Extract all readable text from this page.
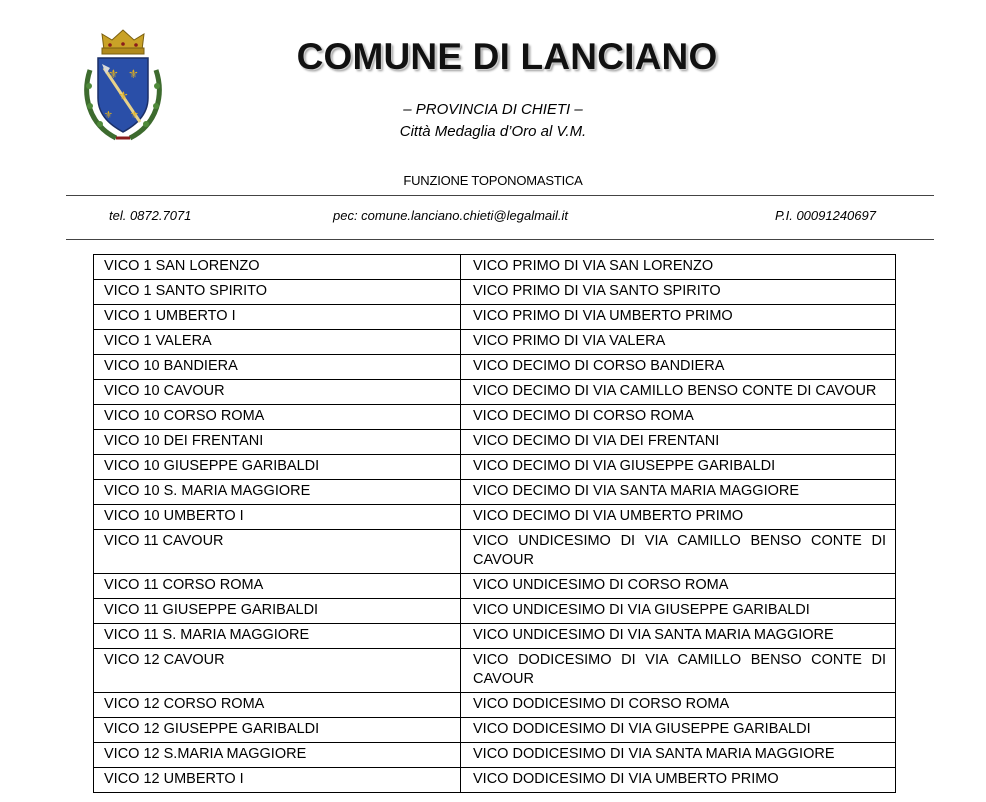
⚜ ⚜
⚜
⚜ ⚜
COMUNE DI LANCIANO
– PROVINCIA DI CHIETI –
Città Medaglia d’Oro al V.M.
FUNZIONE TOPONOMASTICA
tel. 0872.7071	pec: comune.lanciano.chieti@legalmail.it	P.I. 00091240697
VICO 1 SAN LORENZO	VICO PRIMO DI VIA SAN LORENZO
VICO 1 SANTO SPIRITO	VICO PRIMO DI VIA SANTO SPIRITO
VICO 1 UMBERTO I	VICO PRIMO DI VIA UMBERTO PRIMO
VICO 1 VALERA	VICO PRIMO DI VIA VALERA
VICO 10 BANDIERA	VICO DECIMO DI CORSO BANDIERA
VICO 10 CAVOUR	VICO DECIMO DI VIA CAMILLO BENSO CONTE DI CAVOUR
VICO 10 CORSO ROMA	VICO DECIMO DI CORSO ROMA
VICO 10 DEI FRENTANI	VICO DECIMO DI VIA DEI FRENTANI
VICO 10 GIUSEPPE GARIBALDI	VICO DECIMO DI VIA GIUSEPPE GARIBALDI
VICO 10 S. MARIA MAGGIORE	VICO DECIMO DI VIA SANTA MARIA MAGGIORE
VICO 10 UMBERTO I	VICO DECIMO DI VIA UMBERTO PRIMO
VICO 11 CAVOUR	VICO UNDICESIMO DI VIA CAMILLO BENSO CONTE DI CAVOUR
VICO 11 CORSO ROMA	VICO UNDICESIMO DI CORSO ROMA
VICO 11 GIUSEPPE GARIBALDI	VICO UNDICESIMO DI VIA GIUSEPPE GARIBALDI
VICO 11 S. MARIA MAGGIORE	VICO UNDICESIMO DI VIA SANTA MARIA MAGGIORE
VICO 12 CAVOUR	VICO DODICESIMO DI VIA CAMILLO BENSO CONTE DI CAVOUR
VICO 12 CORSO ROMA	VICO DODICESIMO DI CORSO ROMA
VICO 12 GIUSEPPE GARIBALDI	VICO DODICESIMO DI VIA GIUSEPPE GARIBALDI
VICO 12 S.MARIA MAGGIORE	VICO DODICESIMO DI VIA SANTA MARIA MAGGIORE
VICO 12 UMBERTO I	VICO DODICESIMO DI VIA UMBERTO PRIMO
